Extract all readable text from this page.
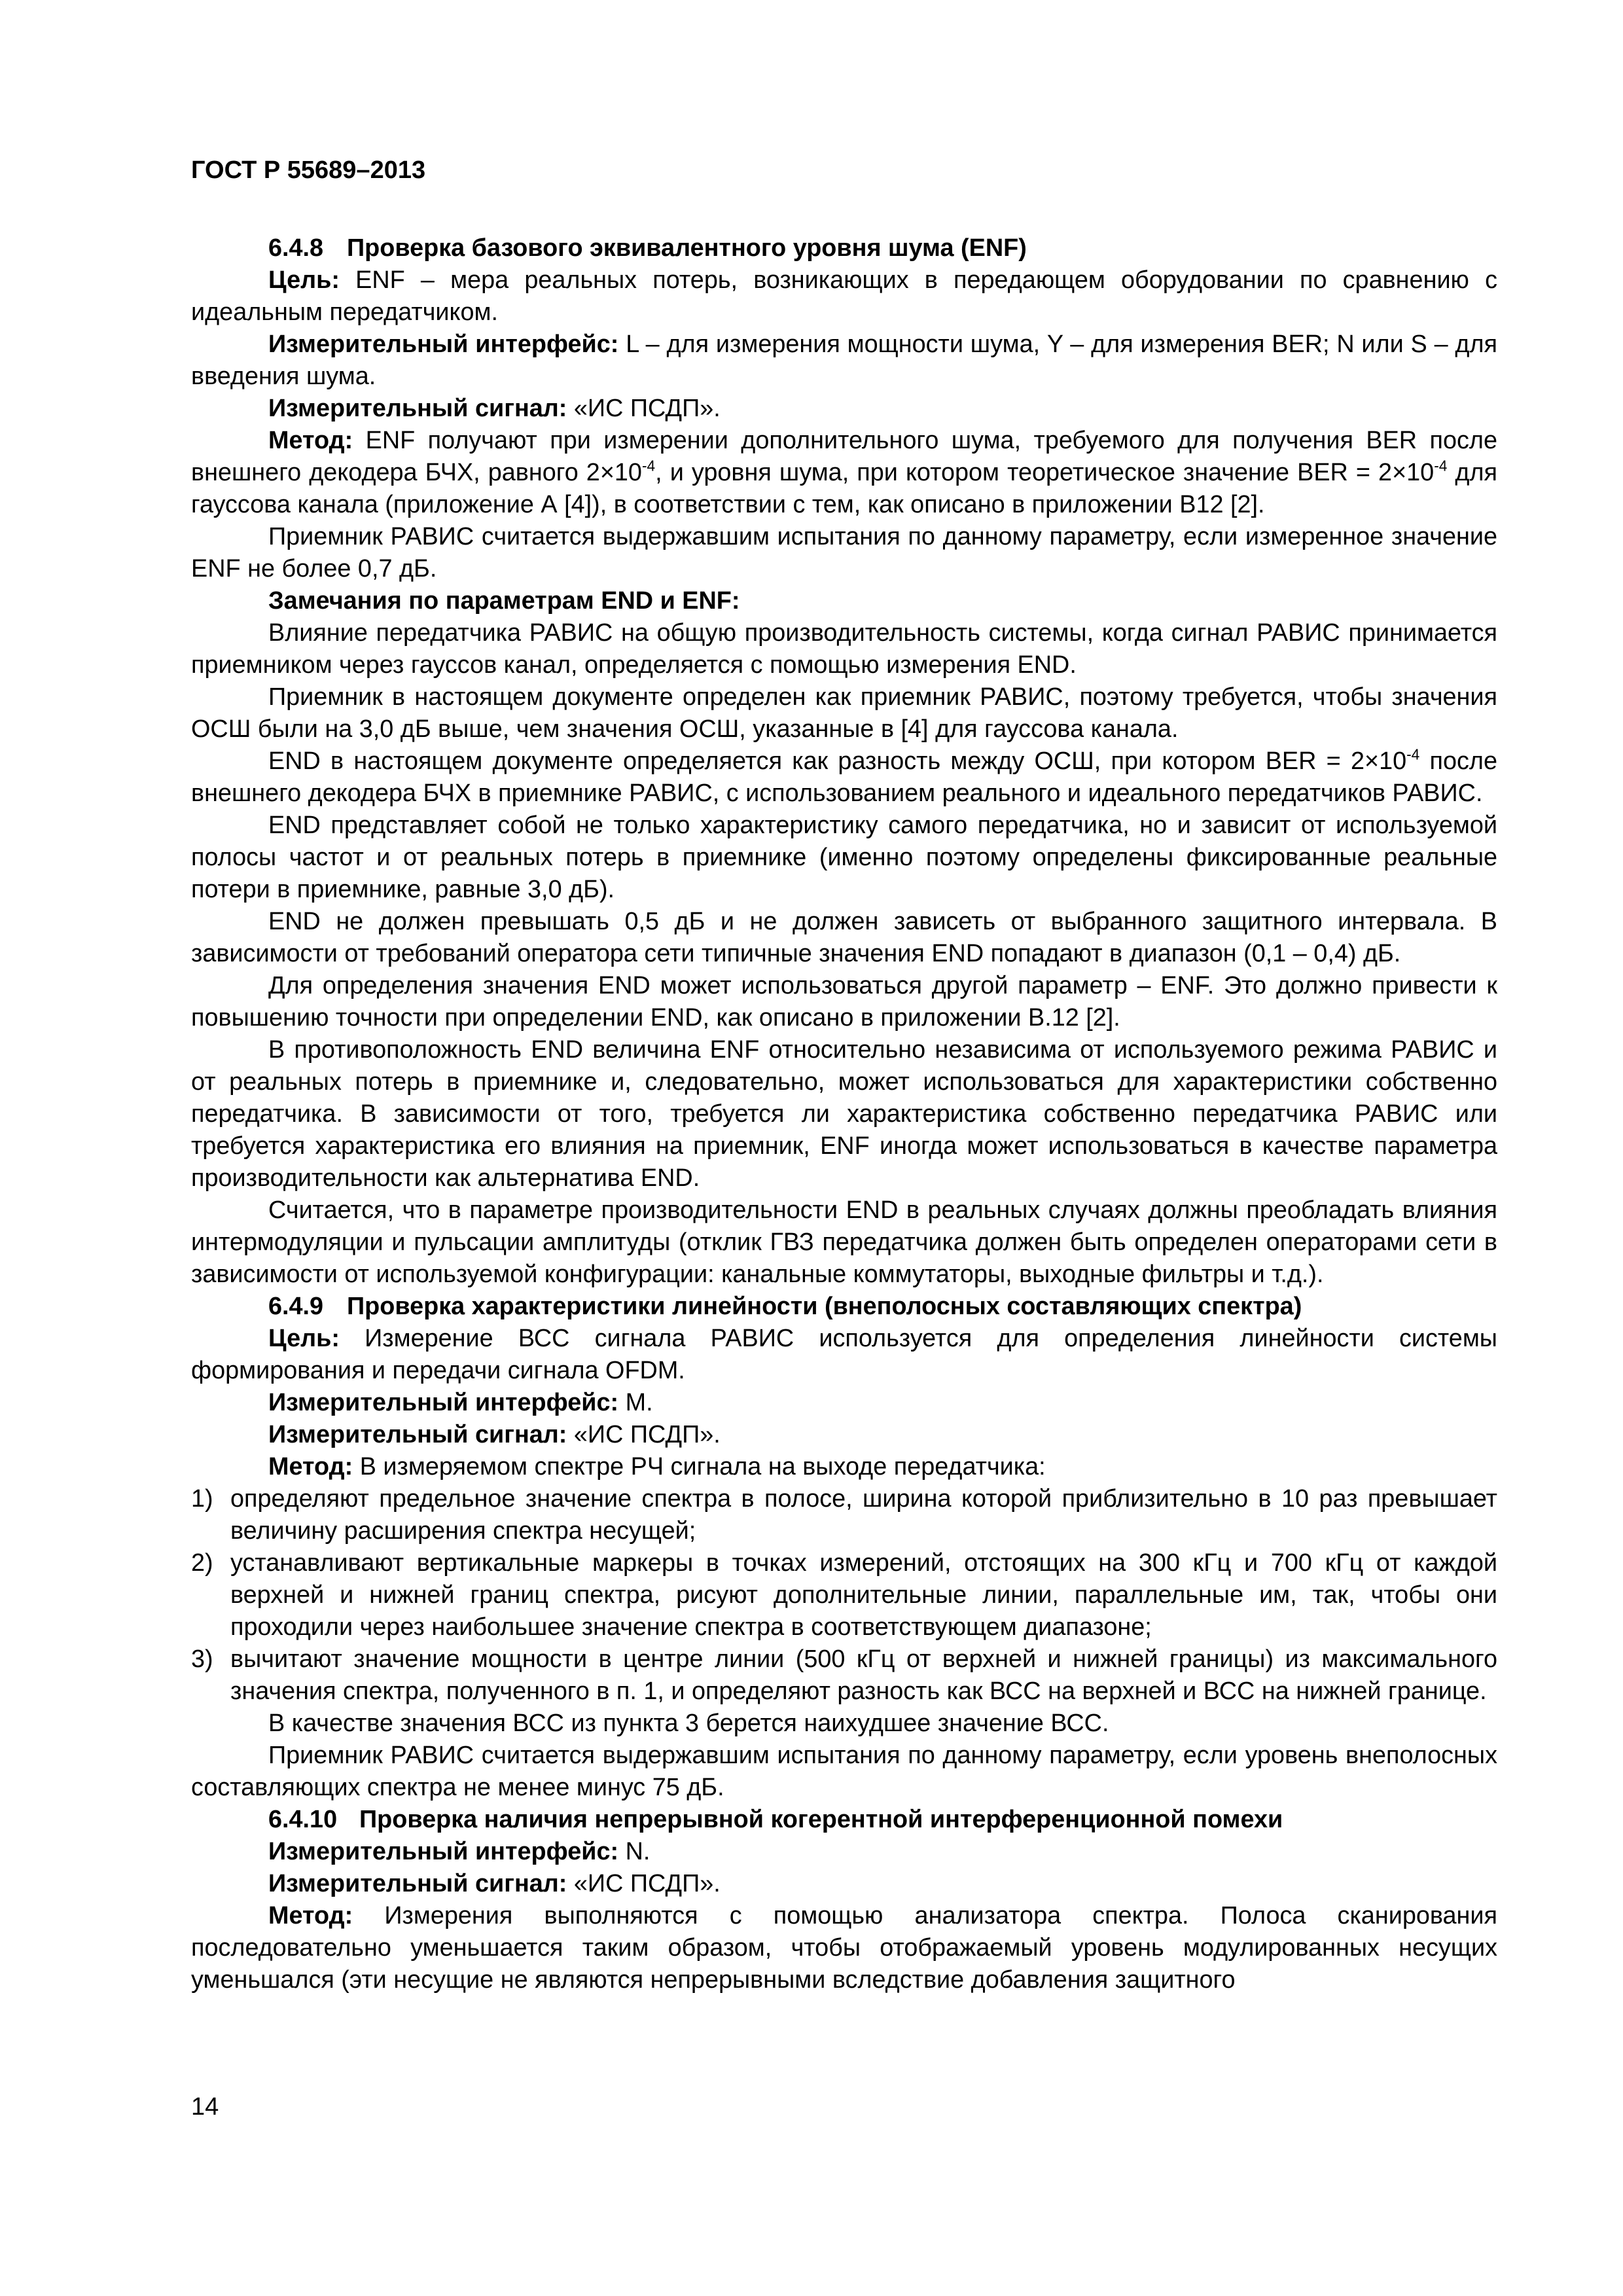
ГОСТ Р 55689–2013

6.4.8 Проверка базового эквивалентного уровня шума (ENF)

Цель: ENF – мера реальных потерь, возникающих в передающем оборудовании по сравнению с идеальным передатчиком.

Измерительный интерфейс: L – для измерения мощности шума, Y – для измерения BER; N или S – для введения шума.

Измерительный сигнал: «ИС ПСДП».

Метод: ENF получают при измерении дополнительного шума, требуемого для получения BER после внешнего декодера БЧХ, равного $2\times 10^{-4}$, и уровня шума, при котором теоретическое значение BER = $2\times 10^{-4}$ для гауссова канала (приложение А [4]), в соответствии с тем, как описано в приложении В12 [2].

Приемник РАВИС считается выдержавшим испытания по данному параметру, если измеренное значение ENF не более 0,7 дБ.

Замечания по параметрам END и ENF:

Влияние передатчика РАВИС на общую производительность системы, когда сигнал РАВИС принимается приемником через гауссов канал, определяется с помощью измерения END.

Приемник в настоящем документе определен как приемник РАВИС, поэтому требуется, чтобы значения ОСШ были на 3,0 дБ выше, чем значения ОСШ, указанные в [4] для гауссова канала.

END в настоящем документе определяется как разность между ОСШ, при котором BER = $2\times 10^{-4}$ после внешнего декодера БЧХ в приемнике РАВИС, с использованием реального и идеального передатчиков РАВИС.

END представляет собой не только характеристику самого передатчика, но и зависит от используемой полосы частот и от реальных потерь в приемнике (именно поэтому определены фиксированные реальные потери в приемнике, равные 3,0 дБ).

END не должен превышать 0,5 дБ и не должен зависеть от выбранного защитного интервала. В зависимости от требований оператора сети типичные значения END попадают в диапазон (0,1 – 0,4) дБ.

Для определения значения END может использоваться другой параметр – ENF. Это должно привести к повышению точности при определении END, как описано в приложении В.12 [2].

В противоположность END величина ENF относительно независима от используемого режима РАВИС и от реальных потерь в приемнике и, следовательно, может использоваться для характеристики собственно передатчика. В зависимости от того, требуется ли характеристика собственно передатчика РАВИС или требуется характеристика его влияния на приемник, ENF иногда может использоваться в качестве параметра производительности как альтернатива END.

Считается, что в параметре производительности END в реальных случаях должны преобладать влияния интермодуляции и пульсации амплитуды (отклик ГВЗ передатчика должен быть определен операторами сети в зависимости от используемой конфигурации: канальные коммутаторы, выходные фильтры и т.д.).

6.4.9 Проверка характеристики линейности (внеполосных составляющих спектра)

Цель: Измерение ВСС сигнала РАВИС используется для определения линейности системы формирования и передачи сигнала OFDM.

Измерительный интерфейс: М.

Измерительный сигнал: «ИС ПСДП».

Метод: В измеряемом спектре РЧ сигнала на выходе передатчика:

1) определяют предельное значение спектра в полосе, ширина которой приблизительно в 10 раз превышает величину расширения спектра несущей;

2) устанавливают вертикальные маркеры в точках измерений, отстоящих на 300 кГц и 700 кГц от каждой верхней и нижней границ спектра, рисуют дополнительные линии, параллельные им, так, чтобы они проходили через наибольшее значение спектра в соответствующем диапазоне;

3) вычитают значение мощности в центре линии (500 кГц от верхней и нижней границы) из максимального значения спектра, полученного в п. 1, и определяют разность как ВСС на верхней и ВСС на нижней границе.

В качестве значения ВСС из пункта 3 берется наихудшее значение ВСС.

Приемник РАВИС считается выдержавшим испытания по данному параметру, если уровень внеполосных составляющих спектра не менее минус 75 дБ.

6.4.10 Проверка наличия непрерывной когерентной интерференционной помехи

Измерительный интерфейс: N.

Измерительный сигнал: «ИС ПСДП».

Метод: Измерения выполняются с помощью анализатора спектра. Полоса сканирования последовательно уменьшается таким образом, чтобы отображаемый уровень модулированных несущих уменьшался (эти несущие не являются непрерывными вследствие добавления защитного

14
